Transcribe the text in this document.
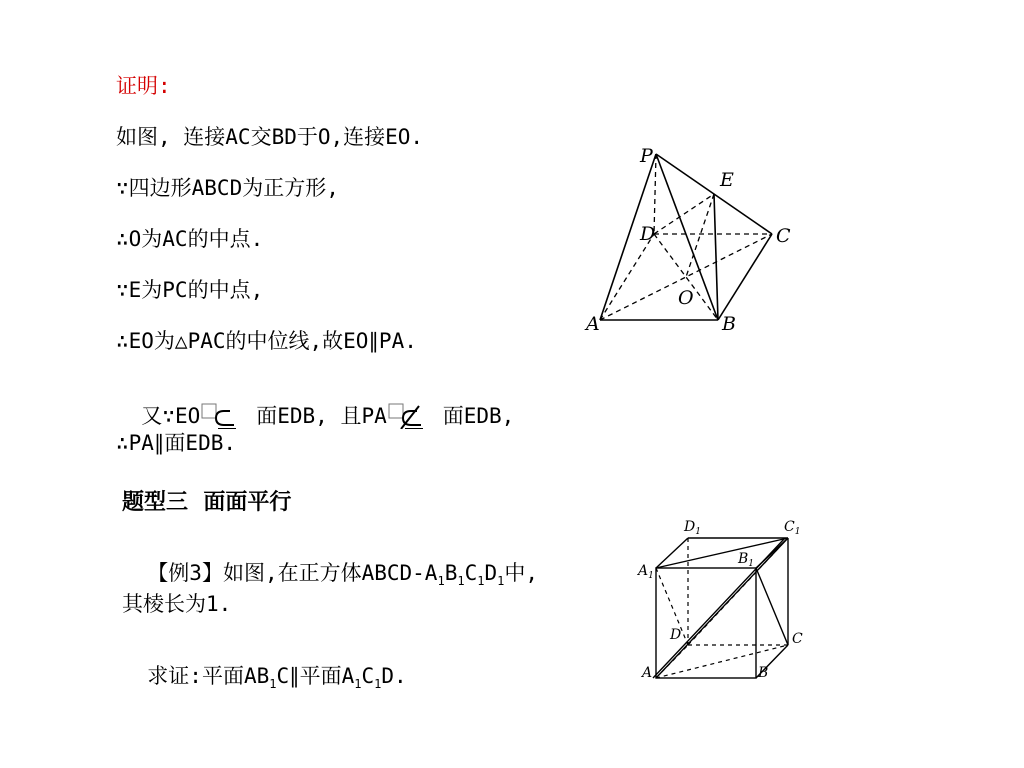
证明:
如图, 连接AC交BD于O,连接EO.
∵四边形ABCD为正方形,
∴O为AC的中点.
∵E为PC的中点,
∴EO为△PAC的中位线,故EO∥PA.

又∵EO	面EDB, 且PA	面EDB,

∴PA∥面EDB.
题型三  面面平行

【例3】如图,在正方体ABCD-$A_1B_1C_1D_1$中,

其棱长为1.

求证:平面$AB_1C\parallel$平面$A_1C_1D$.

P
E
D	C
O
A	B
$D_1$	$C_1$
$A_1$
$B_1$
D	C
A	B
